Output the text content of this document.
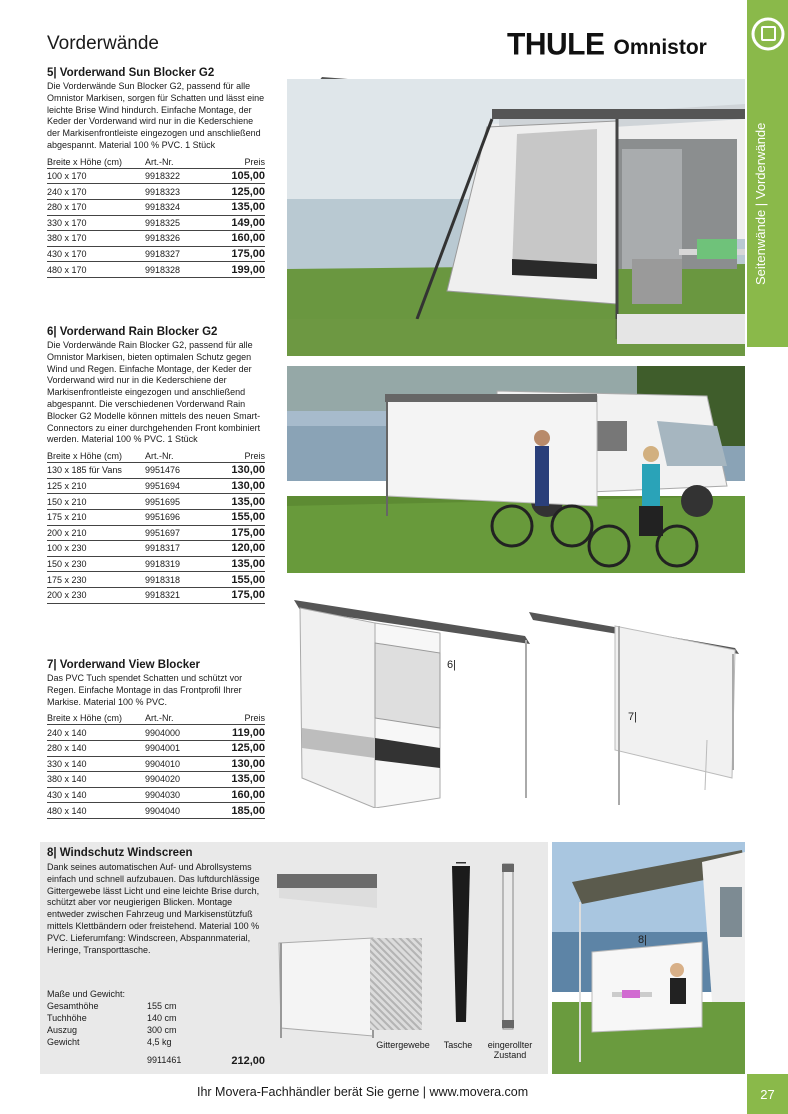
Vorderwände	THULE Omnistor
Seitenwände | Vorderwände
5| Vorderwand Sun Blocker G2
Die Vorderwände Sun Blocker G2, passend für alle Omnistor Markisen, sorgen für Schatten und lässt eine leichte Brise Wind hindurch. Einfache Montage, der Keder der Vorderwand wird nur in die Kederschiene der Markisenfrontleiste eingezogen und anschließend abgespannt. Material 100 % PVC. 1 Stück
Breite x Höhe (cm)	Art.-Nr.	Preis
100 x 170	9918322	105,00
240 x 170	9918323	125,00
280 x 170	9918324	135,00
330 x 170	9918325	149,00
380 x 170	9918326	160,00
430 x 170	9918327	175,00
480 x 170	9918328	199,00
6| Vorderwand Rain Blocker G2
Die Vorderwände Rain Blocker G2, passend für alle Omnistor Markisen, bieten optimalen Schutz gegen Wind und Regen. Einfache Montage, der Keder der Vorderwand wird nur in die Kederschiene der Markisenfrontleiste eingezogen und anschließend abgespannt. Die verschiedenen Vorderwand Rain Blocker G2 Modelle können mittels des neuen Smart-Connectors zu einer durchgehenden Front kombiniert werden. Material 100 % PVC. 1 Stück
Breite x Höhe (cm)	Art.-Nr.	Preis
130 x 185 für Vans	9951476	130,00
125 x 210	9951694	130,00
150 x 210	9951695	135,00
175 x 210	9951696	155,00
200 x 210	9951697	175,00
100 x 230	9918317	120,00
150 x 230	9918319	135,00
175 x 230	9918318	155,00
200 x 230	9918321	175,00
7| Vorderwand View Blocker
Das PVC Tuch spendet Schatten und schützt vor Regen. Einfache Montage in das Frontprofil Ihrer Markise. Material 100 % PVC.
Breite x Höhe (cm)	Art.-Nr.	Preis
240 x 140	9904000	119,00
280 x 140	9904001	125,00
330 x 140	9904010	130,00
380 x 140	9904020	135,00
430 x 140	9904030	160,00
480 x 140	9904040	185,00
6|
7|
8| Windschutz Windscreen
Dank seines automatischen Auf- und Abrollsystems einfach und schnell aufzubauen. Das luftdurchlässige Gittergewebe lässt Licht und eine leichte Brise durch, schützt aber vor neugierigen Blicken. Montage entweder zwischen Fahrzeug und Markisenstützfuß mittels Klettbändern oder freistehend. Material 100 % PVC. Lieferumfang: Windscreen, Abspannmaterial, Heringe, Transporttasche.
Maße und Gewicht:
Gesamthöhe	155 cm
Tuchhöhe	140 cm
Auszug	300 cm
Gewicht	4,5 kg
9911461	212,00
Gittergewebe	Tasche	eingerollter Zustand
8|
Ihr Movera-Fachhändler berät Sie gerne | www.movera.com	27
